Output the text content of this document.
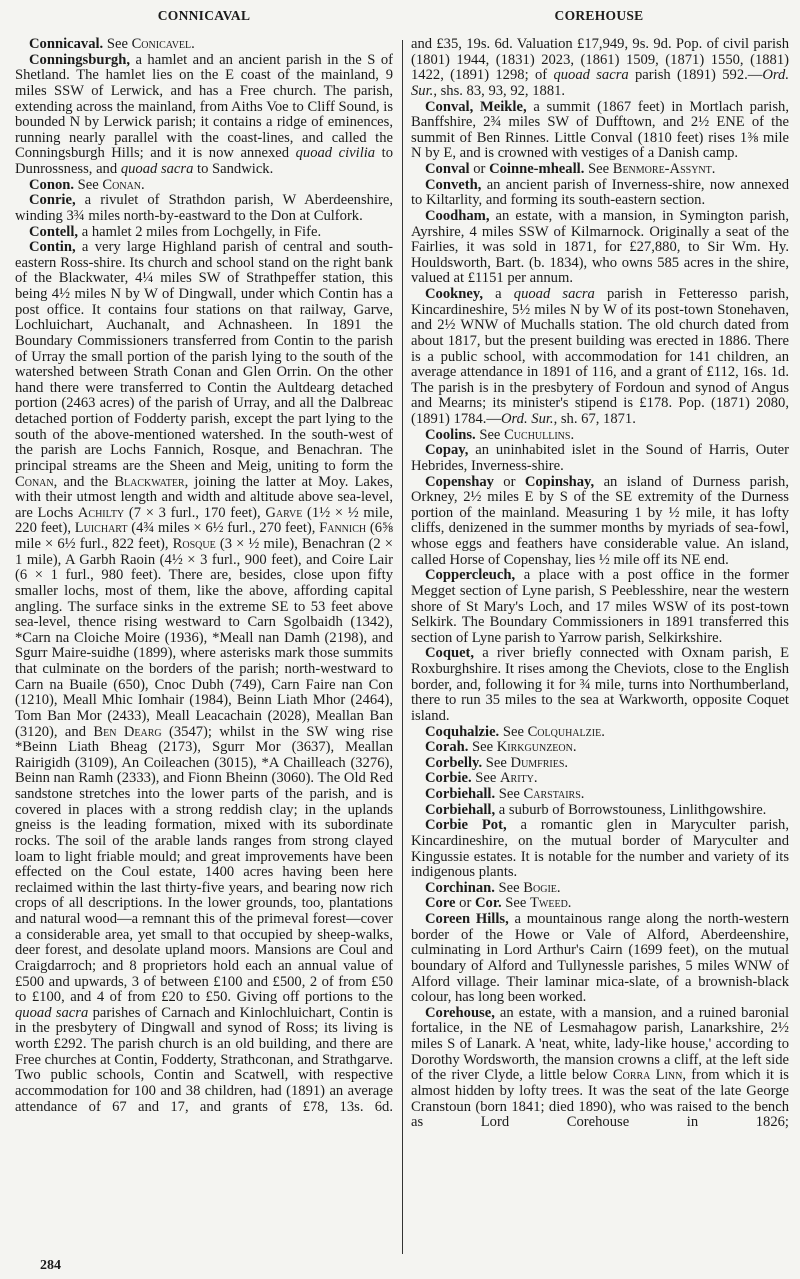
CONNICAVAL	COREHOUSE

Connicaval. See Conicavel.

Conningsburgh, a hamlet and an ancient parish in the S of Shetland. The hamlet lies on the E coast of the mainland, 9 miles SSW of Lerwick, and has a Free church. The parish, extending across the mainland, from Aiths Voe to Cliff Sound, is bounded N by Lerwick parish; it contains a ridge of eminences, running nearly parallel with the coast-lines, and called the Conningsburgh Hills; and it is now annexed quoad civilia to Dunrossness, and quoad sacra to Sandwick.

Conon. See Conan.

Conrie, a rivulet of Strathdon parish, W Aberdeenshire, winding 3¾ miles north-by-eastward to the Don at Culfork.

Contell, a hamlet 2 miles from Lochgelly, in Fife.

Contin, a very large Highland parish of central and south-eastern Ross-shire. Its church and school stand on the right bank of the Blackwater, 4¼ miles SW of Strathpeffer station, this being 4½ miles N by W of Dingwall, under which Contin has a post office. It contains four stations on that railway, Garve, Lochluichart, Auchanalt, and Achnasheen. In 1891 the Boundary Commissioners transferred from Contin to the parish of Urray the small portion of the parish lying to the south of the watershed between Strath Conan and Glen Orrin. On the other hand there were transferred to Contin the Aultdearg detached portion (2463 acres) of the parish of Urray, and all the Dalbreac detached portion of Fodderty parish, except the part lying to the south of the above-mentioned watershed. In the south-west of the parish are Lochs Fannich, Rosque, and Benachran. The principal streams are the Sheen and Meig, uniting to form the Conan, and the Blackwater, joining the latter at Moy. Lakes, with their utmost length and width and altitude above sea-level, are Lochs Achilty (7 × 3 furl., 170 feet), Garve (1½ × ½ mile, 220 feet), Luichart (4¾ miles × 6½ furl., 270 feet), Fannich (6⅝ mile × 6½ furl., 822 feet), Rosque (3 × ½ mile), Benachran (2 × 1 mile), A Garbh Raoin (4½ × 3 furl., 900 feet), and Coire Lair (6 × 1 furl., 980 feet). There are, besides, close upon fifty smaller lochs, most of them, like the above, affording capital angling. The surface sinks in the extreme SE to 53 feet above sea-level, thence rising westward to Carn Sgolbaidh (1342), *Carn na Cloiche Moire (1936), *Meall nan Damh (2198), and Sgurr Maire-suidhe (1899), where asterisks mark those summits that culminate on the borders of the parish; north-westward to Carn na Buaile (650), Cnoc Dubh (749), Carn Faire nan Con (1210), Meall Mhic Iomhair (1984), Beinn Liath Mhor (2464), Tom Ban Mor (2433), Meall Leacachain (2028), Meallan Ban (3120), and Ben Dearg (3547); whilst in the SW wing rise *Beinn Liath Bheag (2173), Sgurr Mor (3637), Meallan Rairigidh (3109), An Coileachen (3015), *A Chailleach (3276), Beinn nan Ramh (2333), and Fionn Bheinn (3060). The Old Red sandstone stretches into the lower parts of the parish, and is covered in places with a strong reddish clay; in the uplands gneiss is the leading formation, mixed with its subordinate rocks. The soil of the arable lands ranges from strong clayed loam to light friable mould; and great improvements have been effected on the Coul estate, 1400 acres having been here reclaimed within the last thirty-five years, and bearing now rich crops of all descriptions. In the lower grounds, too, plantations and natural wood—a remnant this of the primeval forest—cover a considerable area, yet small to that occupied by sheep-walks, deer forest, and desolate upland moors. Mansions are Coul and Craigdarroch; and 8 proprietors hold each an annual value of £500 and upwards, 3 of between £100 and £500, 2 of from £50 to £100, and 4 of from £20 to £50. Giving off portions to the quoad sacra parishes of Carnach and Kinlochluichart, Contin is in the presbytery of Dingwall and synod of Ross; its living is worth £292. The parish church is an old building, and there are Free churches at Contin, Fodderty, Strathconan, and Strathgarve. Two public schools, Contin and Scatwell, with respective accommodation for 100 and 38 children, had (1891) an average attendance of 67 and 17, and grants of £78, 13s. 6d.

and £35, 19s. 6d. Valuation £17,949, 9s. 9d. Pop. of civil parish (1801) 1944, (1831) 2023, (1861) 1509, (1871) 1550, (1881) 1422, (1891) 1298; of quoad sacra parish (1891) 592.—Ord. Sur., shs. 83, 93, 92, 1881.

Conval, Meikle, a summit (1867 feet) in Mortlach parish, Banffshire, 2¾ miles SW of Dufftown, and 2½ ENE of the summit of Ben Rinnes. Little Conval (1810 feet) rises 1⅜ mile N by E, and is crowned with vestiges of a Danish camp.

Conval or Coinne-mheall. See Benmore-Assynt.

Conveth, an ancient parish of Inverness-shire, now annexed to Kiltarlity, and forming its south-eastern section.

Coodham, an estate, with a mansion, in Symington parish, Ayrshire, 4 miles SSW of Kilmarnock. Originally a seat of the Fairlies, it was sold in 1871, for £27,880, to Sir Wm. Hy. Houldsworth, Bart. (b. 1834), who owns 585 acres in the shire, valued at £1151 per annum.

Cookney, a quoad sacra parish in Fetteresso parish, Kincardineshire, 5½ miles N by W of its post-town Stonehaven, and 2½ WNW of Muchalls station. The old church dated from about 1817, but the present building was erected in 1886. There is a public school, with accommodation for 141 children, an average attendance in 1891 of 116, and a grant of £112, 16s. 1d. The parish is in the presbytery of Fordoun and synod of Angus and Mearns; its minister's stipend is £178. Pop. (1871) 2080, (1891) 1784.—Ord. Sur., sh. 67, 1871.

Coolins. See Cuchullins.

Copay, an uninhabited islet in the Sound of Harris, Outer Hebrides, Inverness-shire.

Copenshay or Copinshay, an island of Durness parish, Orkney, 2½ miles E by S of the SE extremity of the Durness portion of the mainland. Measuring 1 by ½ mile, it has lofty cliffs, denizened in the summer months by myriads of sea-fowl, whose eggs and feathers have considerable value. An island, called Horse of Copenshay, lies ½ mile off its NE end.

Coppercleuch, a place with a post office in the former Megget section of Lyne parish, S Peeblesshire, near the western shore of St Mary's Loch, and 17 miles WSW of its post-town Selkirk. The Boundary Commissioners in 1891 transferred this section of Lyne parish to Yarrow parish, Selkirkshire.

Coquet, a river briefly connected with Oxnam parish, E Roxburghshire. It rises among the Cheviots, close to the English border, and, following it for ¾ mile, turns into Northumberland, there to run 35 miles to the sea at Warkworth, opposite Coquet island.

Coquhalzie. See Colquhalzie.

Corah. See Kirkgunzeon.

Corbelly. See Dumfries.

Corbie. See Arity.

Corbiehall. See Carstairs.

Corbiehall, a suburb of Borrowstouness, Linlithgowshire.

Corbie Pot, a romantic glen in Maryculter parish, Kincardineshire, on the mutual border of Maryculter and Kingussie estates. It is notable for the number and variety of its indigenous plants.

Corchinan. See Bogie.

Core or Cor. See Tweed.

Coreen Hills, a mountainous range along the north-western border of the Howe or Vale of Alford, Aberdeenshire, culminating in Lord Arthur's Cairn (1699 feet), on the mutual boundary of Alford and Tullynessle parishes, 5 miles WNW of Alford village. Their laminar mica-slate, of a brownish-black colour, has long been worked.

Corehouse, an estate, with a mansion, and a ruined baronial fortalice, in the NE of Lesmahagow parish, Lanarkshire, 2½ miles S of Lanark. A 'neat, white, lady-like house,' according to Dorothy Wordsworth, the mansion crowns a cliff, at the left side of the river Clyde, a little below Corra Linn, from which it is almost hidden by lofty trees. It was the seat of the late George Cranstoun (born 1841; died 1890), who was raised to the bench as Lord Corehouse in 1826;

284
